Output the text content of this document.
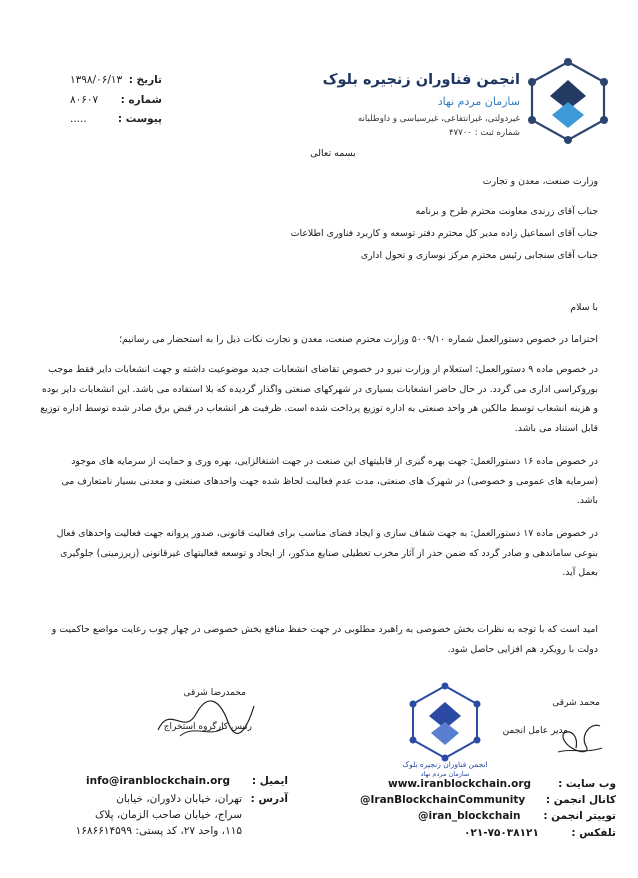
انجمن فناوران زنجیره بلوک
سازمان مردم نهاد
غیردولتی، غیرانتفاعی، غیرسیاسی و داوطلبانه
شماره ثبت : ۴۷۷۰۰
تاریخ :
۱۳۹۸/۰۶/۱۳
شماره :
۸۰۶۰۷
پیوست :
.....
بسمه تعالی
وزارت صنعت، معدن و تجارت
جناب آقای زرندی معاونت محترم طرح و برنامه
جناب آقای اسماعیل زاده مدیر کل محترم دفتر توسعه و کاربرد فناوری اطلاعات
جناب آقای سنجابی رئیس محترم مرکز نوسازی و تحول اداری
با سلام
احتراما در خصوص دستورالعمل شماره ۵۰۰۹/۱۰ وزارت محترم صنعت، معدن و تجارت نکات ذیل را به استحضار می رسانیم؛
در خصوص ماده ۹ دستورالعمل: استعلام از وزارت نیرو در خصوص تقاضای انشعابات جدید موضوعیت داشته و جهت انشعابات دایر فقط موجب بوروکراسی اداری می گردد. در حال حاضر انشعابات بسیاری در شهرکهای صنعتی واگذار گردیده که بلا استفاده می باشد. این انشعابات دایر بوده و هزینه انشعاب توسط مالکین هر واحد صنعتی به اداره توزیع پرداخت شده است. ظرفیت هر انشعاب در قبض برق صادر شده توسط اداره توزیع قابل استناد می باشد.
در خصوص ماده ۱۶ دستورالعمل: جهت بهره گیری از قابلیتهای این صنعت در جهت اشتغالزایی، بهره وری و حمایت از سرمایه های موجود (سرمایه های عمومی و خصوصی) در شهرک های صنعتی، مدت عدم فعالیت لحاظ شده جهت واحدهای صنعتی و معدنی بسیار نامتعارف می باشد.
در خصوص ماده ۱۷ دستورالعمل: به جهت شفاف سازی و ایجاد فضای مناسب برای فعالیت قانونی، صدور پروانه جهت فعالیت واحدهای فعال بنوعی ساماندهی و صادر گردد که ضمن حذر از آثار مخرب تعطیلی صنایع مذکور، از ایجاد و توسعه فعالیتهای غیرقانونی (زیرزمینی) جلوگیری بعمل آید.
امید است که با توجه به نظرات بخش خصوصی به راهبرد مطلوبی در جهت حفظ منافع بخش خصوصی در چهار چوب رعایت مواضع حاکمیت و دولت با رویکرد هم افزایی حاصل شود.
محمدرضا شرقی
رئیس کارگروه استخراج
انجمن فناوران زنجیره بلوک
سازمان مردم نهاد
محمد شرقی
مدیر عامل انجمن
ایمیل :
info@iranblockchain.org
آدرس :
تهران، خیابان دلاوران، خیابان
سراج، خیابان صاحب الزمان، پلاک
۱۱۵، واحد ۲۷، کد پستی: ۱۶۸۶۶۱۴۵۹۹
وب سایت :
www.iranblockchain.org
کانال انجمن :
@IranBlockchainCommunity
توییتر انجمن :
@iran_blockchain
تلفکس :
۰۲۱-۷۵۰۳۸۱۲۱
